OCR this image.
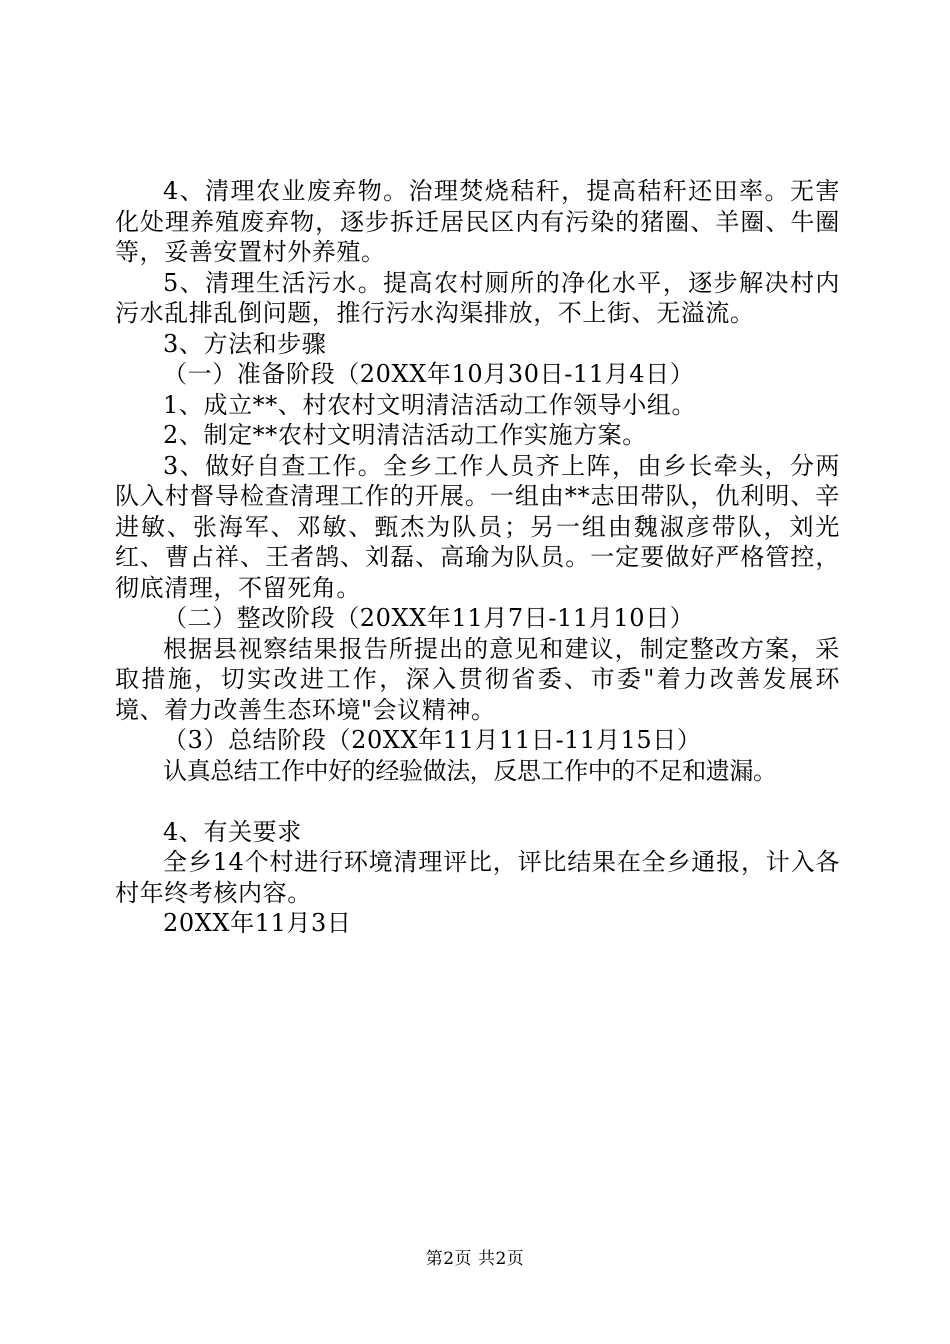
4、清理农业废弃物。治理焚烧秸秆，提高秸秆还田率。无害化处理养殖废弃物，逐步拆迁居民区内有污染的猪圈、羊圈、牛圈等，妥善安置村外养殖。

5、清理生活污水。提高农村厕所的净化水平，逐步解决村内污水乱排乱倒问题，推行污水沟渠排放，不上街、无溢流。

3、方法和步骤

（一）准备阶段（20XX年10月30日-11月4日）

1、成立**、村农村文明清洁活动工作领导小组。

2、制定**农村文明清洁活动工作实施方案。

3、做好自查工作。全乡工作人员齐上阵，由乡长牵头，分两队入村督导检查清理工作的开展。一组由**志田带队，仇利明、辛进敏、张海军、邓敏、甄杰为队员；另一组由魏淑彦带队，刘光红、曹占祥、王者鹄、刘磊、高瑜为队员。一定要做好严格管控，彻底清理，不留死角。

（二）整改阶段（20XX年11月7日-11月10日）

根据县视察结果报告所提出的意见和建议，制定整改方案，采取措施，切实改进工作，深入贯彻省委、市委"着力改善发展环境、着力改善生态环境"会议精神。

（3）总结阶段（20XX年11月11日-11月15日）

认真总结工作中好的经验做法，反思工作中的不足和遗漏。

4、有关要求

全乡14个村进行环境清理评比，评比结果在全乡通报，计入各村年终考核内容。

20XX年11月3日

第2页 共2页
